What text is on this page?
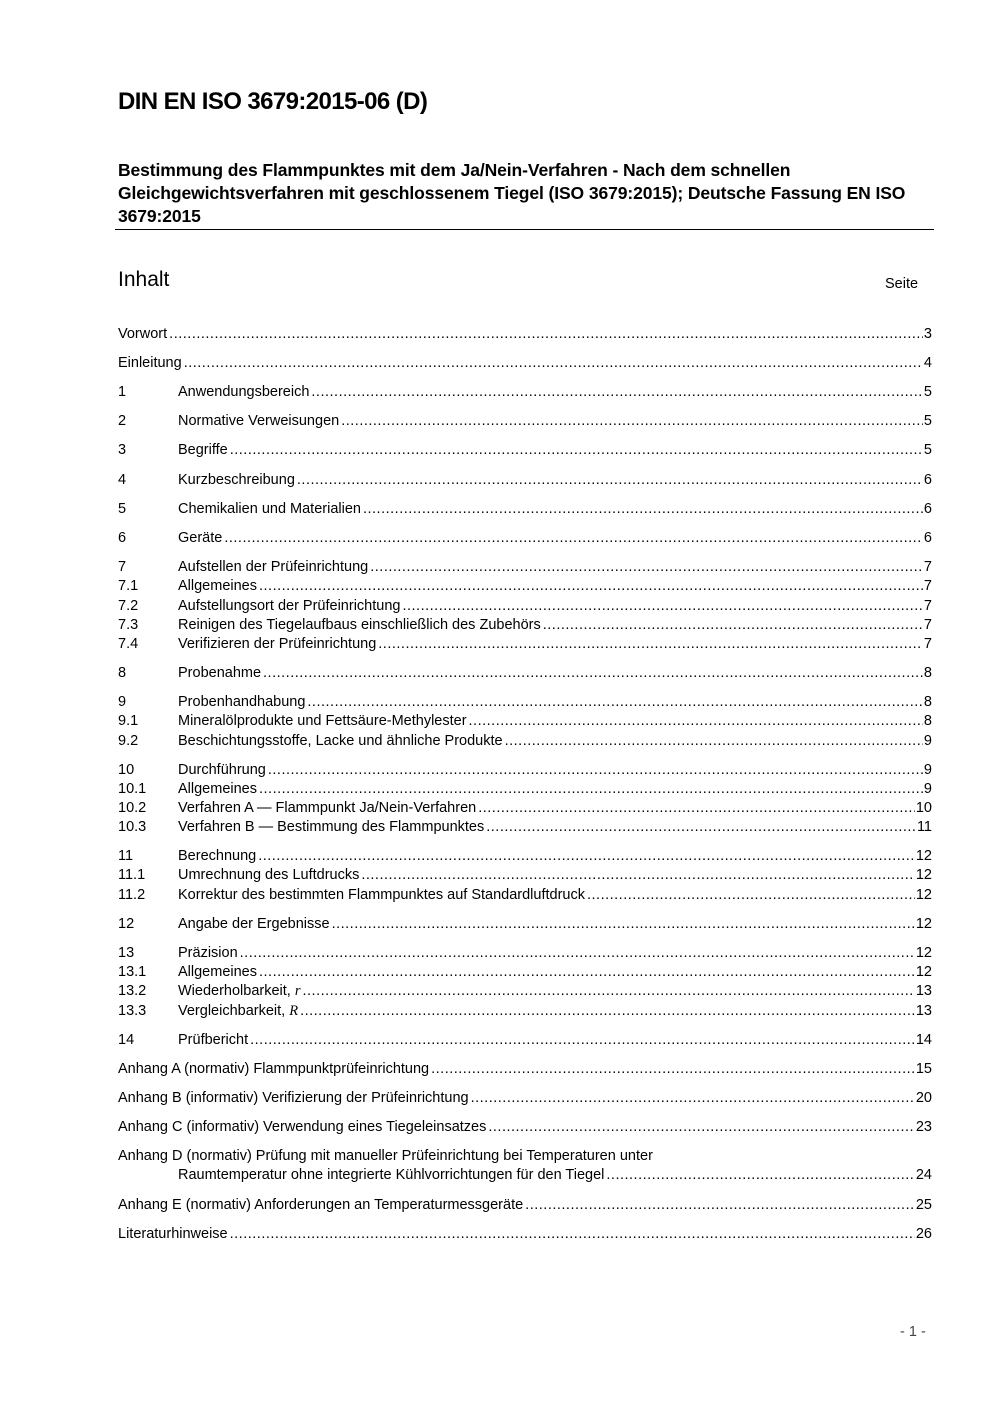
DIN EN ISO 3679:2015-06 (D)
Bestimmung des Flammpunktes mit dem Ja/Nein-Verfahren - Nach dem schnellen Gleichgewichtsverfahren mit geschlossenem Tiegel (ISO 3679:2015); Deutsche Fassung EN ISO 3679:2015
Inhalt	Seite
Vorwort .....	3
Einleitung .....	4
1	Anwendungsbereich .....	5
2	Normative Verweisungen .....	5
3	Begriffe .....	5
4	Kurzbeschreibung .....	6
5	Chemikalien und Materialien .....	6
6	Geräte .....	6
7	Aufstellen der Prüfeinrichtung .....	7
7.1	Allgemeines .....	7
7.2	Aufstellungsort der Prüfeinrichtung .....	7
7.3	Reinigen des Tiegelaufbaus einschließlich des Zubehörs .....	7
7.4	Verifizieren der Prüfeinrichtung .....	7
8	Probenahme .....	8
9	Probenhandhabung .....	8
9.1	Mineralölprodukte und Fettsäure-Methylester .....	8
9.2	Beschichtungsstoffe, Lacke und ähnliche Produkte .....	9
10	Durchführung .....	9
10.1	Allgemeines .....	9
10.2	Verfahren A — Flammpunkt Ja/Nein-Verfahren .....	10
10.3	Verfahren B — Bestimmung des Flammpunktes .....	11
11	Berechnung .....	12
11.1	Umrechnung des Luftdrucks .....	12
11.2	Korrektur des bestimmten Flammpunktes auf Standardluftdruck .....	12
12	Angabe der Ergebnisse .....	12
13	Präzision .....	12
13.1	Allgemeines .....	12
13.2	Wiederholbarkeit, r .....	13
13.3	Vergleichbarkeit, R .....	13
14	Prüfbericht .....	14
Anhang A (normativ) Flammpunktprüfeinrichtung .....	15
Anhang B (informativ) Verifizierung der Prüfeinrichtung .....	20
Anhang C (informativ) Verwendung eines Tiegeleinsatzes .....	23
Anhang D (normativ) Prüfung mit manueller Prüfeinrichtung bei Temperaturen unter
Raumtemperatur ohne integrierte Kühlvorrichtungen für den Tiegel .....	24
Anhang E (normativ) Anforderungen an Temperaturmessgeräte .....	25
Literaturhinweise .....	26
- 1 -
